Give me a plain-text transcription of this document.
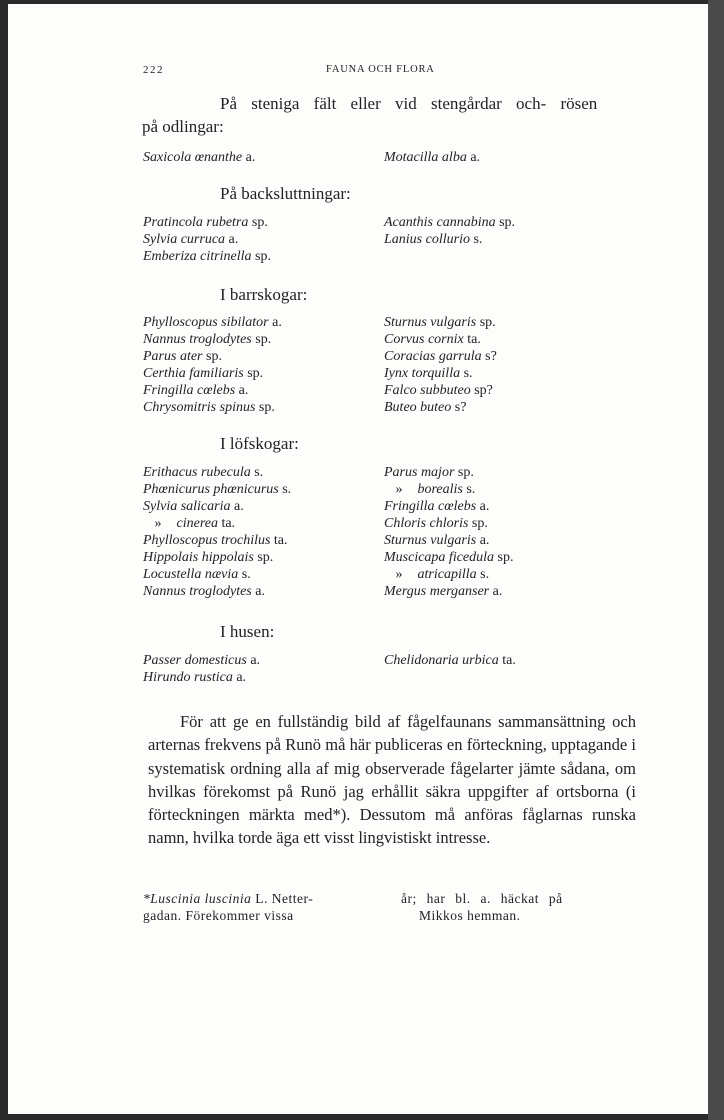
222	FAUNA OCH FLORA
På steniga fält eller vid stengårdar och- rösen
på odlingar:
Saxicola œnanthe a.	Motacilla alba a.
På backsluttningar:
Pratincola rubetra sp.
Sylvia curruca a.
Emberiza citrinella sp.
Acanthis cannabina sp.
Lanius collurio s.
I barrskogar:
Phylloscopus sibilator a.
Nannus troglodytes sp.
Parus ater sp.
Certhia familiaris sp.
Fringilla cœlebs a.
Chrysomitris spinus sp.
Sturnus vulgaris sp.
Corvus cornix ta.
Coracias garrula s?
Iynx torquilla s.
Falco subbuteo sp?
Buteo buteo s?
I löfskogar:
Erithacus rubecula s.
Phœnicurus phœnicurus s.
Sylvia salicaria a.
» cinerea ta.
Phylloscopus trochilus ta.
Hippolais hippolais sp.
Locustella nævia s.
Nannus troglodytes a.
Parus major sp.
» borealis s.
Fringilla cœlebs a.
Chloris chloris sp.
Sturnus vulgaris a.
Muscicapa ficedula sp.
» atricapilla s.
Mergus merganser a.
I husen:
Passer domesticus a.
Hirundo rustica a.
Chelidonaria urbica ta.

För att ge en fullständig bild af fågelfaunans sammansättning och arternas frekvens på Runö må här publiceras en förteckning, upptagande i systematisk ordning alla af mig observerade fågelarter jämte sådana, om hvilkas förekomst på Runö jag erhållit säkra uppgifter af ortsborna (i förteckningen märkta med*). Dessutom må anföras fåglarnas runska namn, hvilka torde äga ett visst lingvistiskt intresse.

*Luscinia luscinia L. Netter-
gadan. Förekommer vissa
år; har bl. a. häckat på
Mikkos hemman.
